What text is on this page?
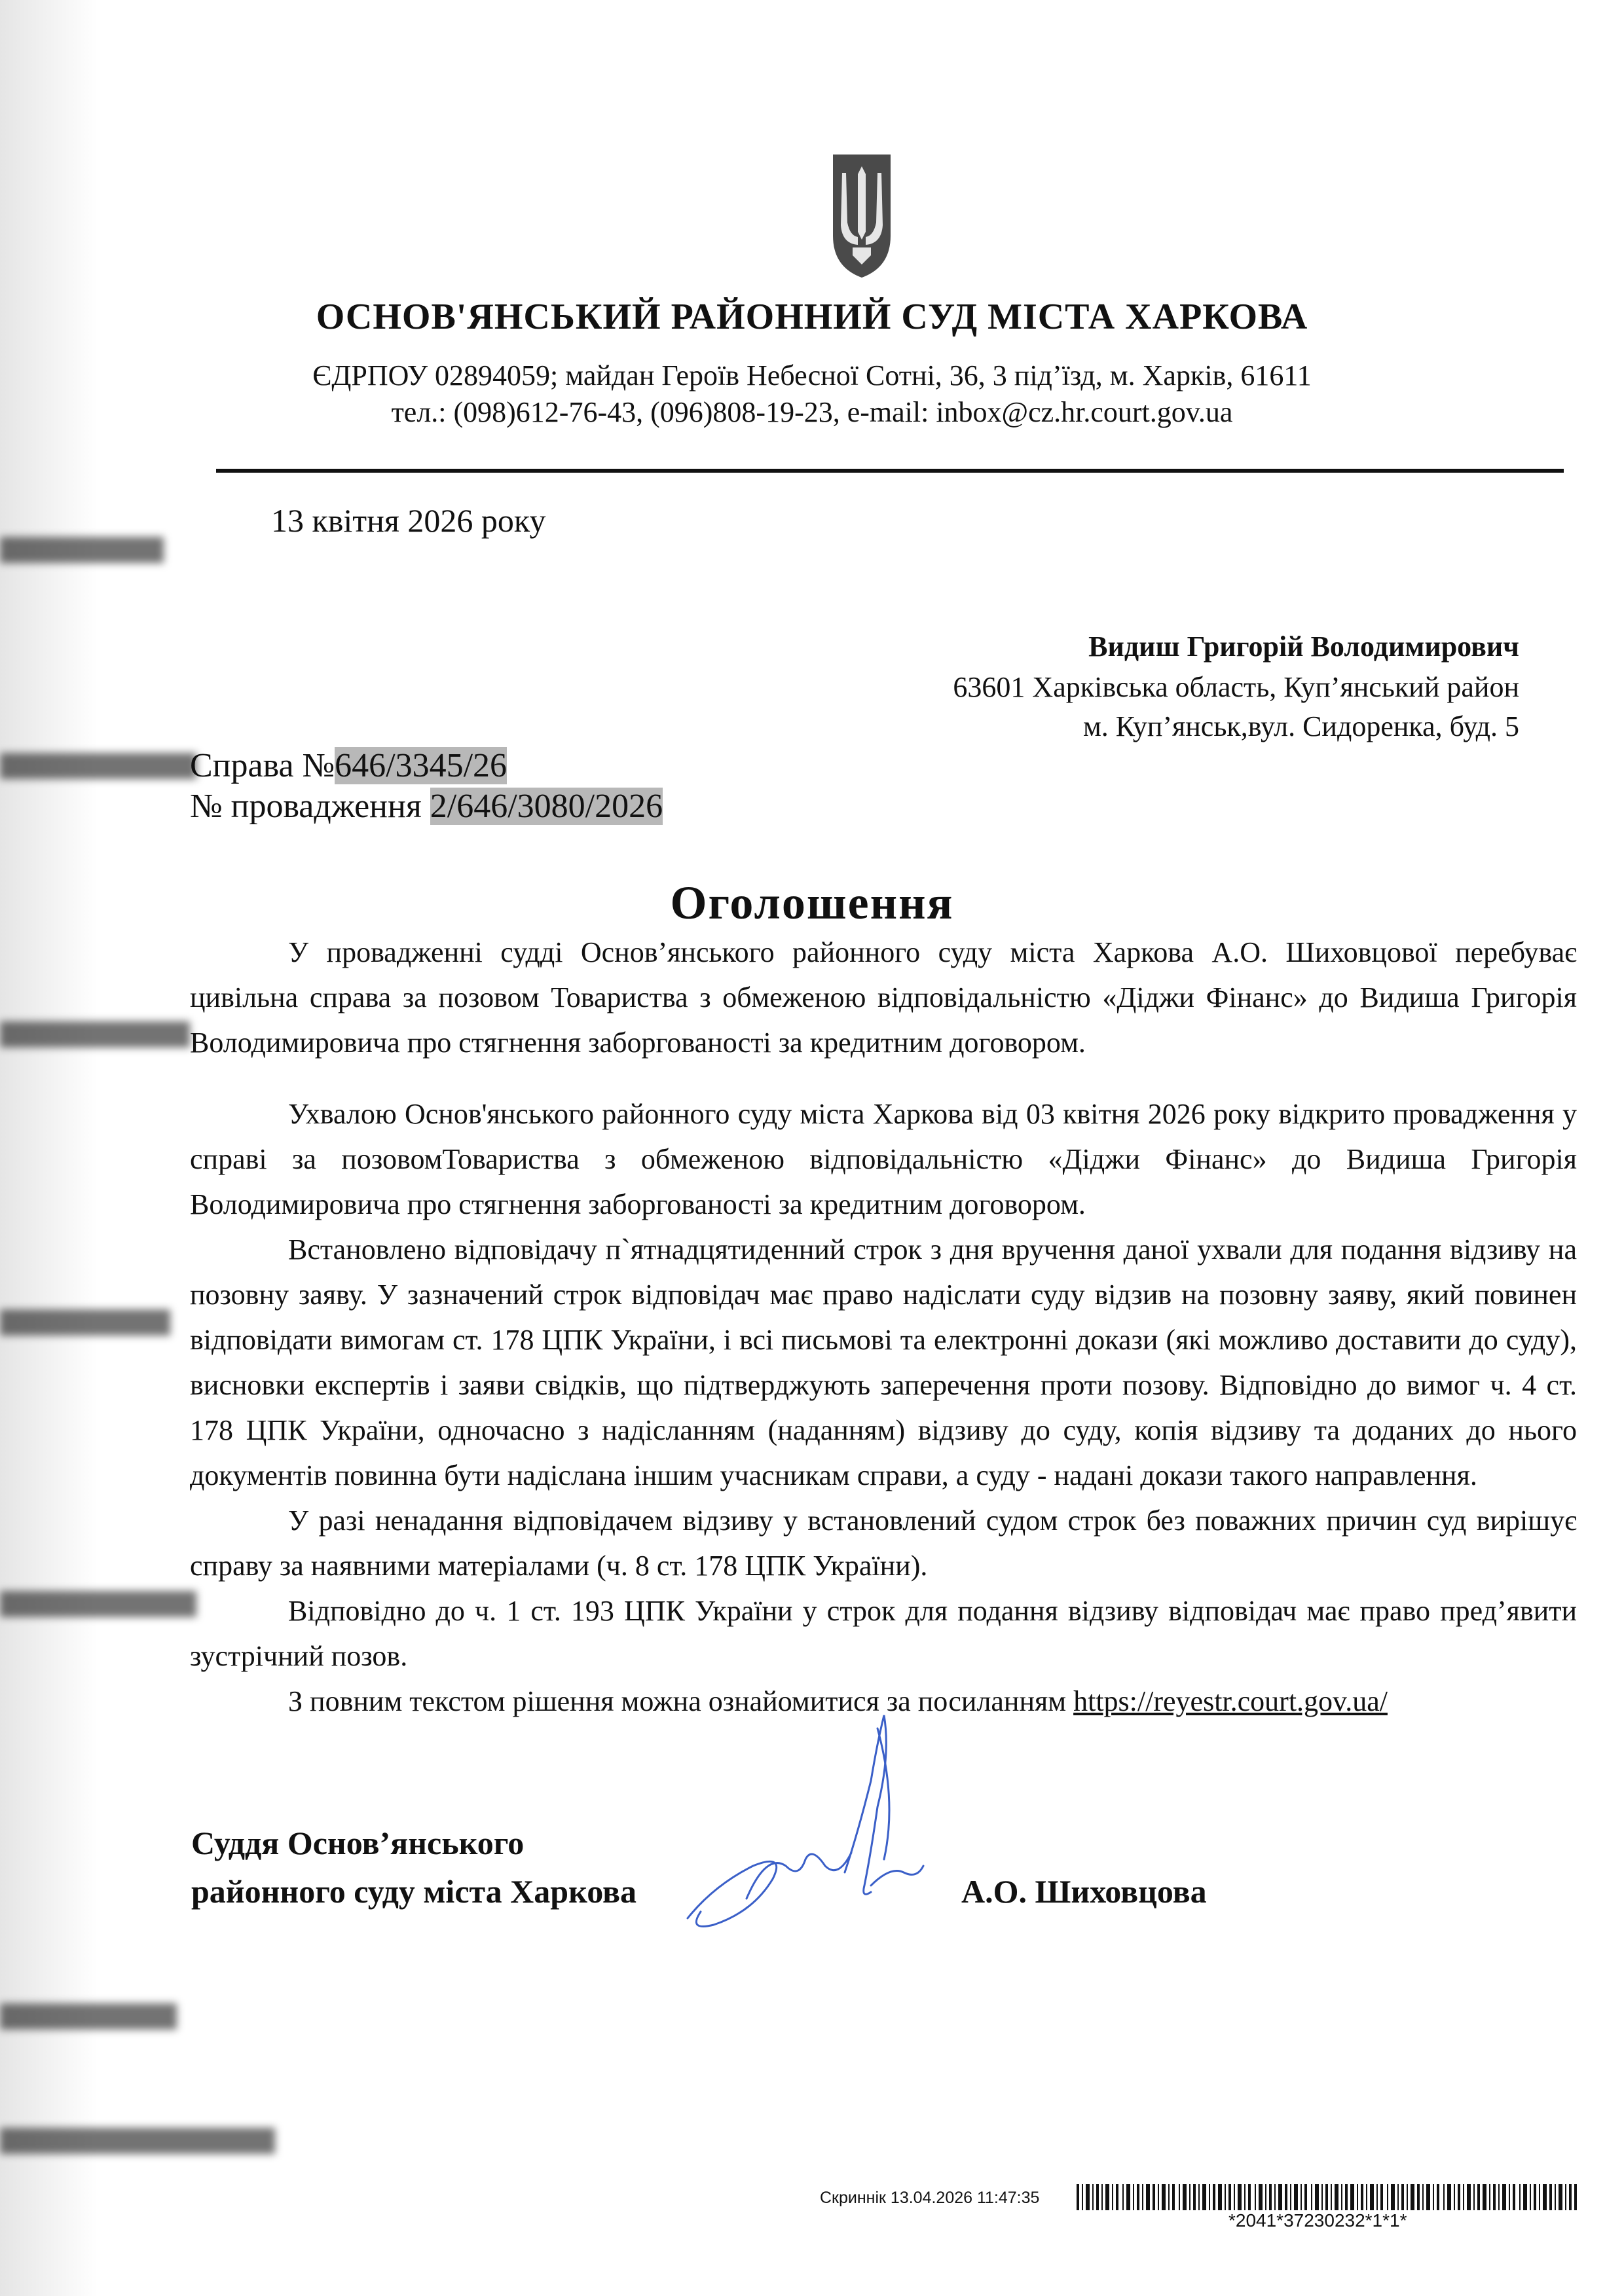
ОСНОВ'ЯНСЬКИЙ РАЙОННИЙ СУД МІСТА ХАРКОВА
ЄДРПОУ 02894059; майдан Героїв Небесної Сотні, 36, 3 під’їзд, м. Харків, 61611
тел.: (098)612-76-43, (096)808-19-23, e-mail: inbox@cz.hr.court.gov.ua
13 квітня 2026 року
Видиш Григорій Володимирович
63601 Харківська область, Куп’янський район
м. Куп’янськ,вул. Сидоренка, буд. 5
Справа №646/3345/26
№ провадження 2/646/3080/2026
Оголошення

У провадженні судді Основ’янського районного суду міста Харкова А.О. Шиховцової перебуває цивільна справа за позовом Товариства з обмеженою відповідальністю «Діджи Фінанс» до Видиша Григорія Володимировича про стягнення заборгованості за кредитним договором.

Ухвалою Основ'янського районного суду міста Харкова від 03 квітня 2026 року відкрито провадження у справі за позовомТовариства з обмеженою відповідальністю «Діджи Фінанс» до Видиша Григорія Володимировича про стягнення заборгованості за кредитним договором.

Встановлено відповідачу п`ятнадцятиденний строк з дня вручення даної ухвали для подання відзиву на позовну заяву. У зазначений строк відповідач має право надіслати суду відзив на позовну заяву, який повинен відповідати вимогам ст. 178 ЦПК України, і всі письмові та електронні докази (які можливо доставити до суду), висновки експертів і заяви свідків, що підтверджують заперечення проти позову. Відповідно до вимог ч. 4 ст. 178 ЦПК України, одночасно з надісланням (наданням) відзиву до суду, копія відзиву та доданих до нього документів повинна бути надіслана іншим учасникам справи, а суду - надані докази такого направлення.

У разі ненадання відповідачем відзиву у встановлений судом строк без поважних причин суд вирішує справу за наявними матеріалами (ч. 8 ст. 178 ЦПК України).

Відповідно до ч. 1 ст. 193 ЦПК України у строк для подання відзиву відповідач має право пред’явити зустрічний позов.

З повним текстом рішення можна ознайомитися за посиланням https://reyestr.court.gov.ua/

Суддя Основ’янського
районного суду міста Харкова	А.О. Шиховцова
Скриннік 13.04.2026 11:47:35
*2041*37230232*1*1*
